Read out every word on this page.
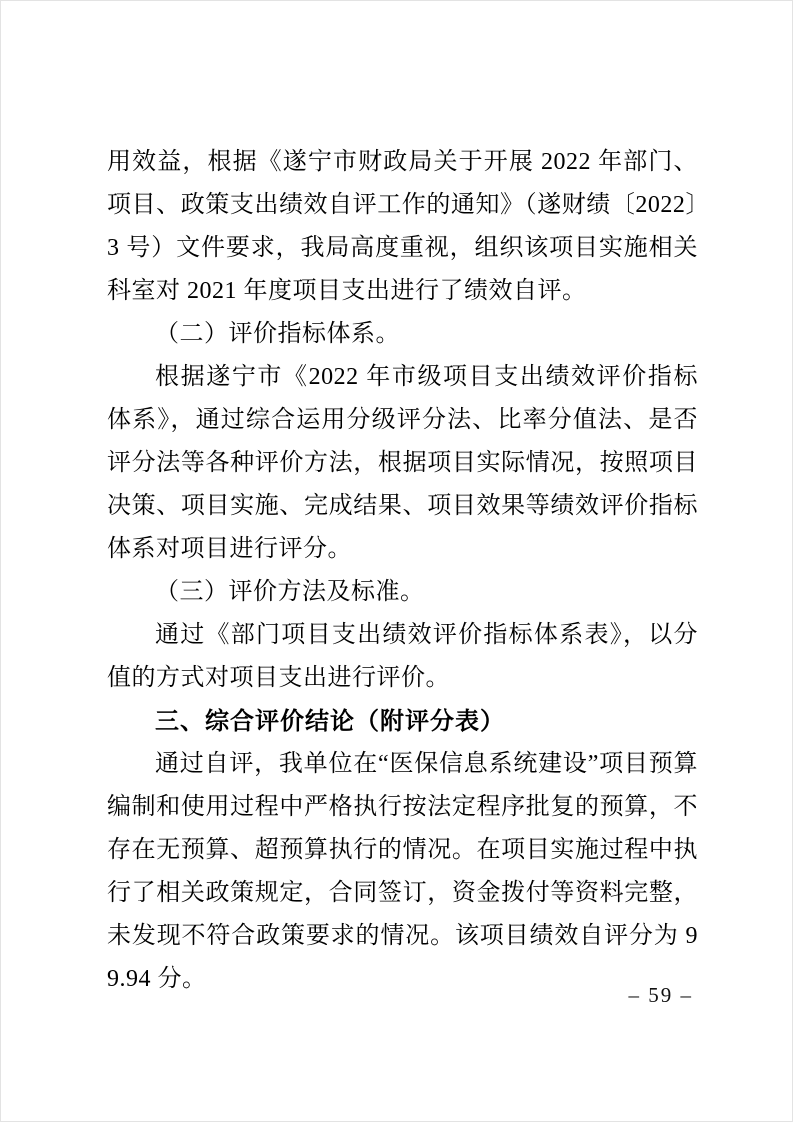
用效益，根据《遂宁市财政局关于开展 2022 年部门、项目、政策支出绩效自评工作的通知》（遂财绩〔2022〕3 号）文件要求，我局高度重视，组织该项目实施相关科室对 2021 年度项目支出进行了绩效自评。

（二）评价指标体系。

根据遂宁市《2022 年市级项目支出绩效评价指标体系》，通过综合运用分级评分法、比率分值法、是否评分法等各种评价方法，根据项目实际情况，按照项目决策、项目实施、完成结果、项目效果等绩效评价指标体系对项目进行评分。

（三）评价方法及标准。

通过《部门项目支出绩效评价指标体系表》，以分值的方式对项目支出进行评价。

三、综合评价结论（附评分表）

通过自评，我单位在“医保信息系统建设”项目预算编制和使用过程中严格执行按法定程序批复的预算，不存在无预算、超预算执行的情况。在项目实施过程中执行了相关政策规定，合同签订，资金拨付等资料完整，未发现不符合政策要求的情况。该项目绩效自评分为 99.94 分。

– 59 –
